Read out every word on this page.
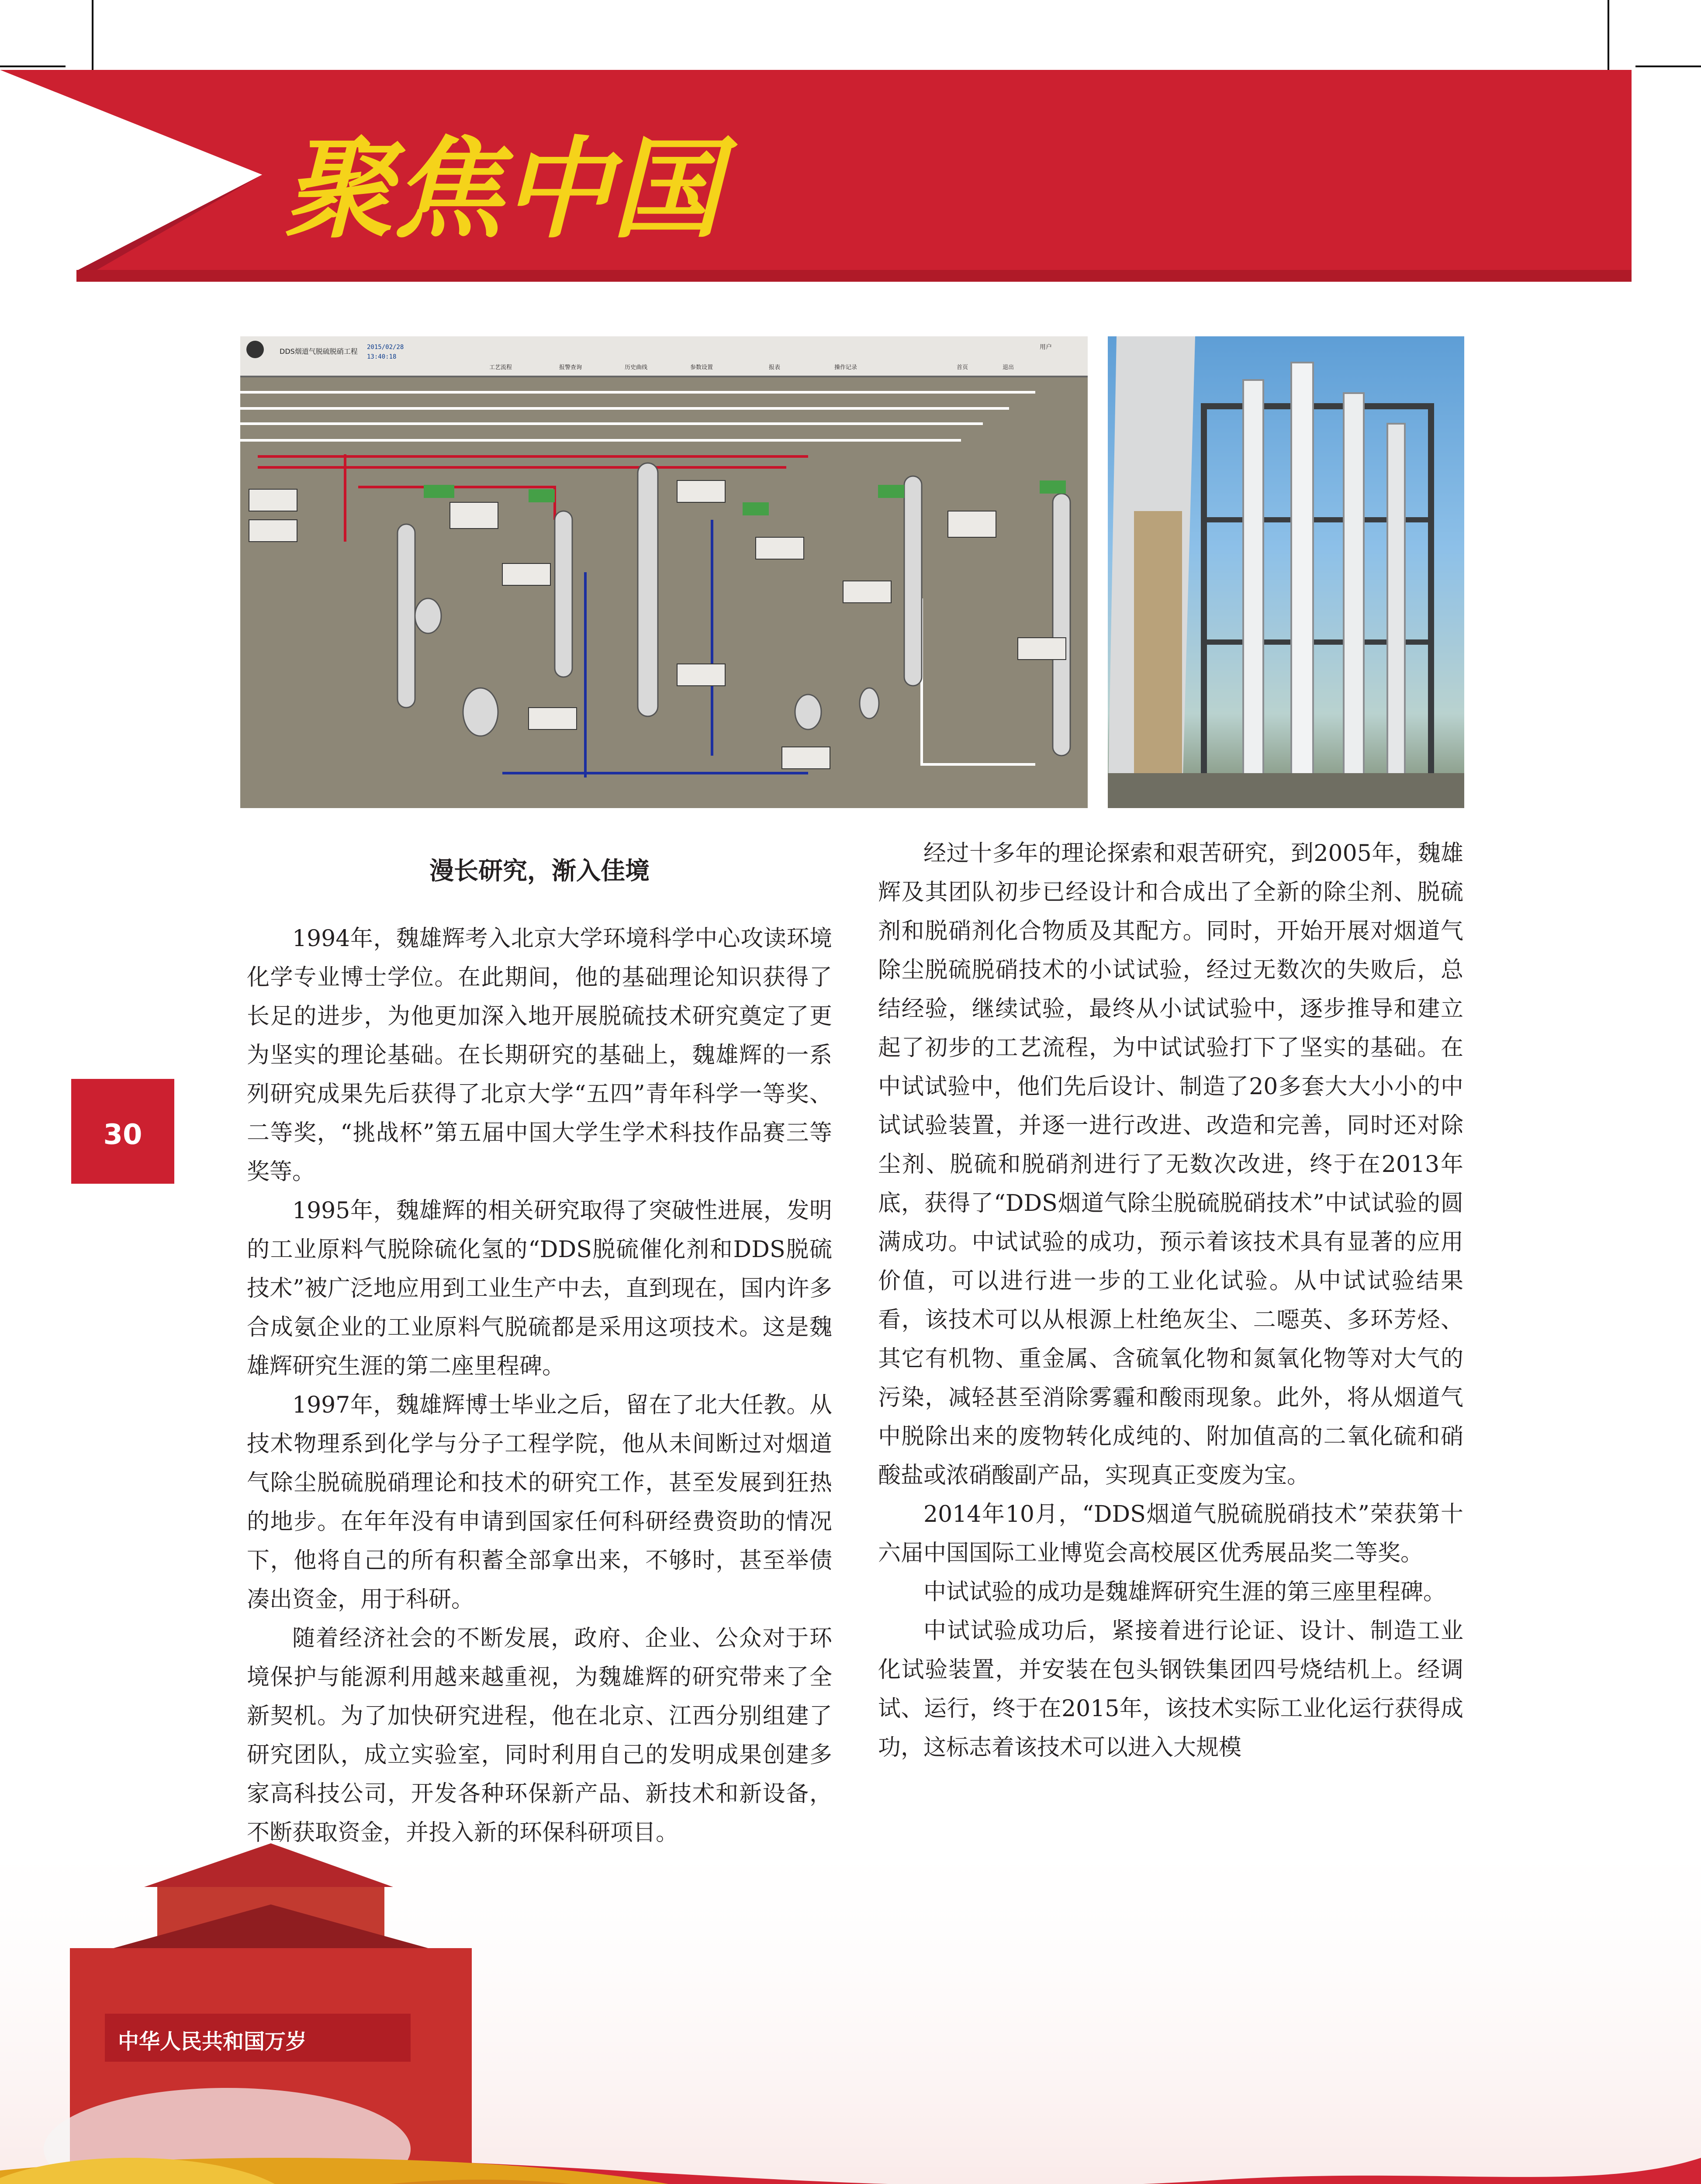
聚焦中国
30
DDS烟道气脱硫脱硝工程 2015/02/28 13:40:18
工艺流程	报警查询	历史曲线	参数设置	报表	操作记录	首页	退出
用户

漫长研究，渐入佳境

1994年，魏雄辉考入北京大学环境科学中心攻读环境化学专业博士学位。在此期间，他的基础理论知识获得了长足的进步，为他更加深入地开展脱硫技术研究奠定了更为坚实的理论基础。在长期研究的基础上，魏雄辉的一系列研究成果先后获得了北京大学“五四”青年科学一等奖、二等奖，“挑战杯”第五届中国大学生学术科技作品赛三等奖等。

1995年，魏雄辉的相关研究取得了突破性进展，发明的工业原料气脱除硫化氢的“DDS脱硫催化剂和DDS脱硫技术”被广泛地应用到工业生产中去，直到现在，国内许多合成氨企业的工业原料气脱硫都是采用这项技术。这是魏雄辉研究生涯的第二座里程碑。

1997年，魏雄辉博士毕业之后，留在了北大任教。从技术物理系到化学与分子工程学院，他从未间断过对烟道气除尘脱硫脱硝理论和技术的研究工作，甚至发展到狂热的地步。在年年没有申请到国家任何科研经费资助的情况下，他将自己的所有积蓄全部拿出来，不够时，甚至举债凑出资金，用于科研。

随着经济社会的不断发展，政府、企业、公众对于环境保护与能源利用越来越重视，为魏雄辉的研究带来了全新契机。为了加快研究进程，他在北京、江西分别组建了研究团队，成立实验室，同时利用自己的发明成果创建多家高科技公司，开发各种环保新产品、新技术和新设备，

经过十多年的理论探索和艰苦研究，到2005年，魏雄辉及其团队初步已经设计和合成出了全新的除尘剂、脱硫剂和脱硝剂化合物质及其配方。同时，开始开展对烟道气除尘脱硫脱硝技术的小试试验，经过无数次的失败后，总结经验，继续试验，最终从小试试验中，逐步推导和建立起了初步的工艺流程，为中试试验打下了坚实的基础。在中试试验中，他们先后设计、制造了20多套大大小小的中试试验装置，并逐一进行改进、改造和完善，同时还对除尘剂、脱硫和脱硝剂进行了无数次改进，终于在2013年底，获得了“DDS烟道气除尘脱硫脱硝技术”中试试验的圆满成功。中试试验的成功，预示着该技术具有显著的应用价值，可以进行进一步的工业化试验。从中试试验结果看，该技术可以从根源上杜绝灰尘、二噁英、多环芳烃、其它有机物、重金属、含硫氧化物和氮氧化物等对大气的污染，减轻甚至消除雾霾和酸雨现象。此外，将从烟道气中脱除出来的废物转化成纯的、附加值高的二氧化硫和硝酸盐或浓硝酸副产品，实现真正变废为宝。

2014年10月，“DDS烟道气脱硫脱硝技术”荣获第十六届中国国际工业博览会高校展区优秀展品奖二等奖。

中试试验的成功是魏雄辉研究生涯的第三座里程碑。

中试试验成功后，紧接着进行论证、设计、制造工业化试验装置，并安装在包头钢铁集团四号烧结机上。经调试、运行，终于在2015年，该技术实际工业化运行获得成功，这标志着该技术可以进入大规模

中华人民共和国万岁
